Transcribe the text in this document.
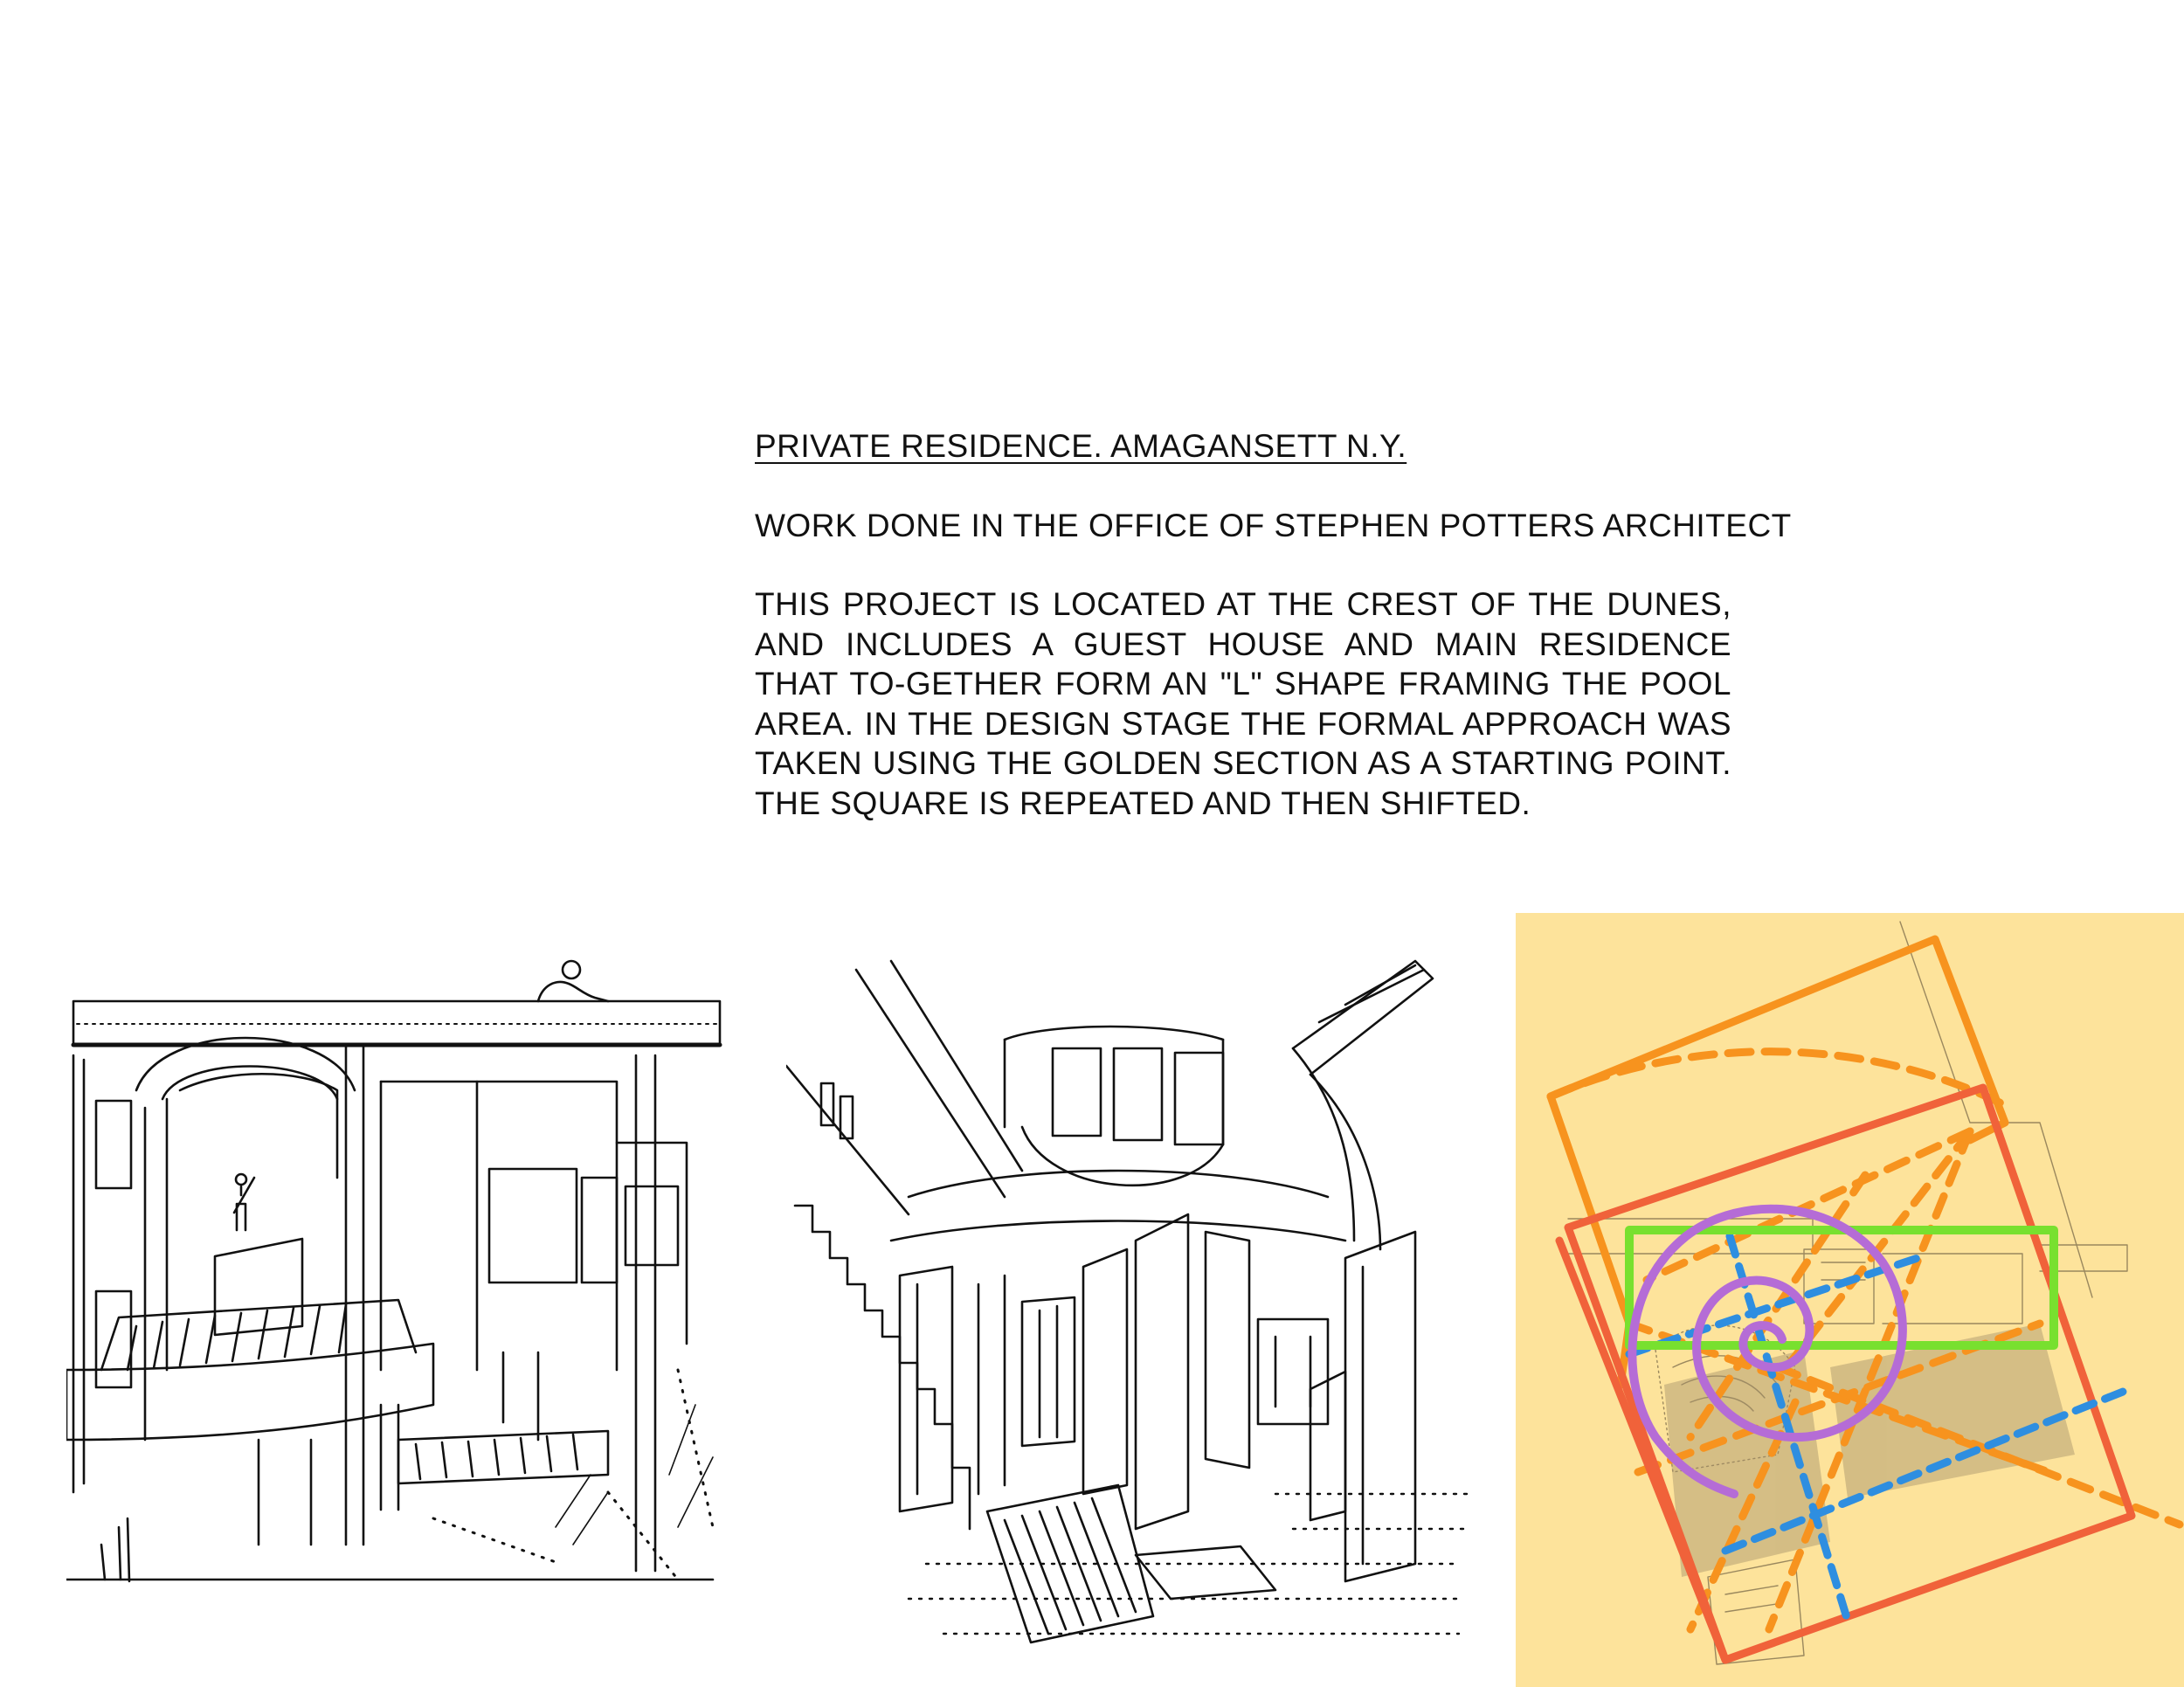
PRIVATE RESIDENCE. AMAGANSETT N.Y.

WORK DONE IN THE OFFICE OF STEPHEN POTTERS ARCHITECT

THIS PROJECT IS LOCATED AT THE CREST OF THE DUNES, AND INCLUDES A GUEST HOUSE AND MAIN RESIDENCE THAT TO-GETHER FORM AN "L" SHAPE FRAMING THE POOL AREA. IN THE DESIGN STAGE THE FORMAL APPROACH WAS TAKEN USING THE GOLDEN SECTION AS A STARTING POINT. THE SQUARE IS REPEATED AND THEN SHIFTED.
